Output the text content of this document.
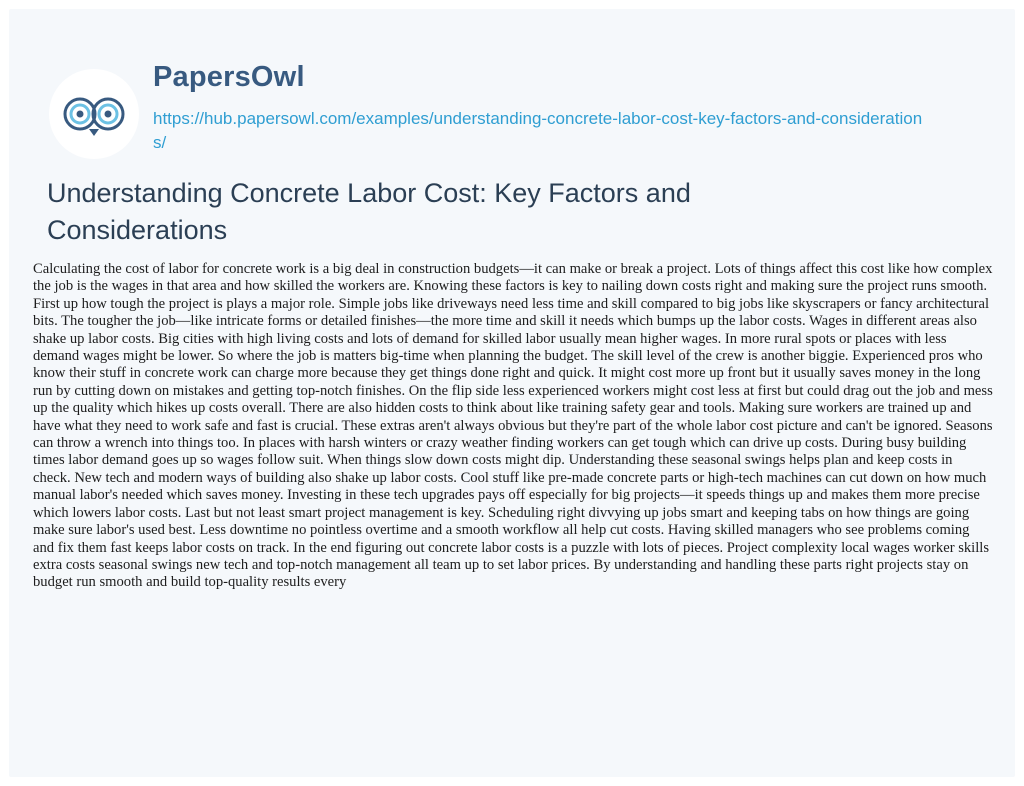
PapersOwl
https://hub.papersowl.com/examples/understanding-concrete-labor-cost-key-factors-and-considerations/
Understanding Concrete Labor Cost: Key Factors and Considerations

Calculating the cost of labor for concrete work is a big deal in construction budgets—it can make or break a project. Lots of things affect this cost like how complex the job is the wages in that area and how skilled the workers are. Knowing these factors is key to nailing down costs right and making sure the project runs smooth. First up how tough the project is plays a major role. Simple jobs like driveways need less time and skill compared to big jobs like skyscrapers or fancy architectural bits. The tougher the job—like intricate forms or detailed finishes—the more time and skill it needs which bumps up the labor costs. Wages in different areas also shake up labor costs. Big cities with high living costs and lots of demand for skilled labor usually mean higher wages. In more rural spots or places with less demand wages might be lower. So where the job is matters big-time when planning the budget. The skill level of the crew is another biggie. Experienced pros who know their stuff in concrete work can charge more because they get things done right and quick. It might cost more up front but it usually saves money in the long run by cutting down on mistakes and getting top-notch finishes. On the flip side less experienced workers might cost less at first but could drag out the job and mess up the quality which hikes up costs overall. There are also hidden costs to think about like training safety gear and tools. Making sure workers are trained up and have what they need to work safe and fast is crucial. These extras aren't always obvious but they're part of the whole labor cost picture and can't be ignored. Seasons can throw a wrench into things too. In places with harsh winters or crazy weather finding workers can get tough which can drive up costs. During busy building times labor demand goes up so wages follow suit. When things slow down costs might dip. Understanding these seasonal swings helps plan and keep costs in check. New tech and modern ways of building also shake up labor costs. Cool stuff like pre-made concrete parts or high-tech machines can cut down on how much manual labor's needed which saves money. Investing in these tech upgrades pays off especially for big projects—it speeds things up and makes them more precise which lowers labor costs. Last but not least smart project management is key. Scheduling right divvying up jobs smart and keeping tabs on how things are going make sure labor's used best. Less downtime no pointless overtime and a smooth workflow all help cut costs. Having skilled managers who see problems coming and fix them fast keeps labor costs on track. In the end figuring out concrete labor costs is a puzzle with lots of pieces. Project complexity local wages worker skills extra costs seasonal swings new tech and top-notch management all team up to set labor prices. By understanding and handling these parts right projects stay on budget run smooth and build top-quality results every
